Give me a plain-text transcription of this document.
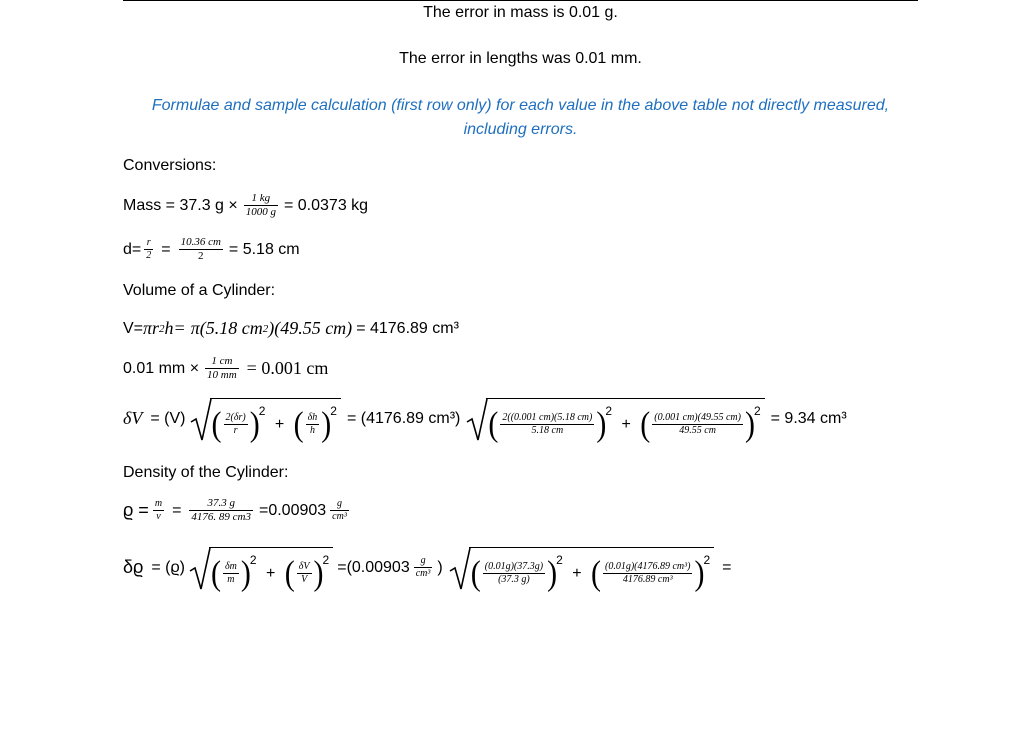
The error in mass is 0.01 g.
The error in lengths was 0.01 mm.
Formulae and sample calculation (first row only) for each value in the above table not directly measured,
including errors.
Conversions:
Mass = 37.3 $g \times \frac{1 kg}{1000 g} = 0.0373$ kg
$d= \frac{r}{2} = \frac{10.36 cm}{2} = 5.18$ cm
Volume of a Cylinder:
V= πr 2 h= π(5.18 cm 2 )(49.55 cm) = 4176.89 cm³
0.01 mm × $\frac{1 cm}{10 mm} = 0.001$ cm
δV = (V) ( $\frac{2(\delta r)}{r} )^2$ + ( $\frac{\delta h}{h} )^2 = (4176.89$ cm³) ( $\frac{2((0.001 cm)(5.18 cm)}{5.18 cm} )^2$ + ( $\frac{(0.001 cm)(49.55 cm)}{49.55 cm} )^2 = 9.34$ cm³
Density of the Cylinder:
$ϱ = \frac{m}{v} = \frac{37.3 g}{4176. 89 cm3} =0.00903 \frac{g}{\text{cm³}}$
δϱ = (ϱ) ( $\frac{\delta m}{m} )^2$ + ( $\frac{\delta V}{V} )^2 =(0.00903 \frac{g}{\text{cm³}}$ ) ( $\frac{(0.01g)(37.3g)}{(37.3 g)} )^2$ + ( $\frac{\text{(0.01g)(4176.89 cm³)}}{\text{4176.89 cm³}} )^2$ =
